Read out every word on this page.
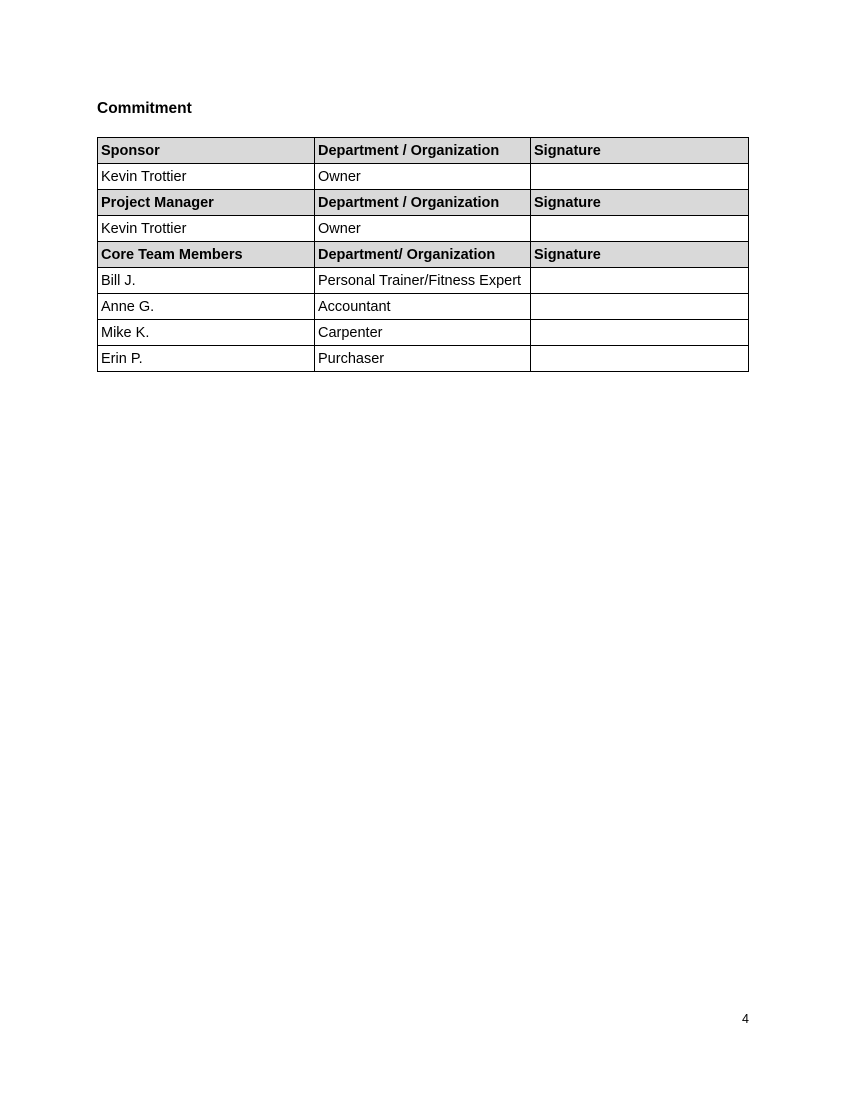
Commitment
Sponsor	Department / Organization	Signature
Kevin Trottier	Owner	
Project Manager	Department / Organization	Signature
Kevin Trottier	Owner	
Core Team Members	Department/ Organization	Signature
Bill J.	Personal Trainer/Fitness Expert	
Anne G.	Accountant	
Mike K.	Carpenter	
Erin P.	Purchaser	
4
